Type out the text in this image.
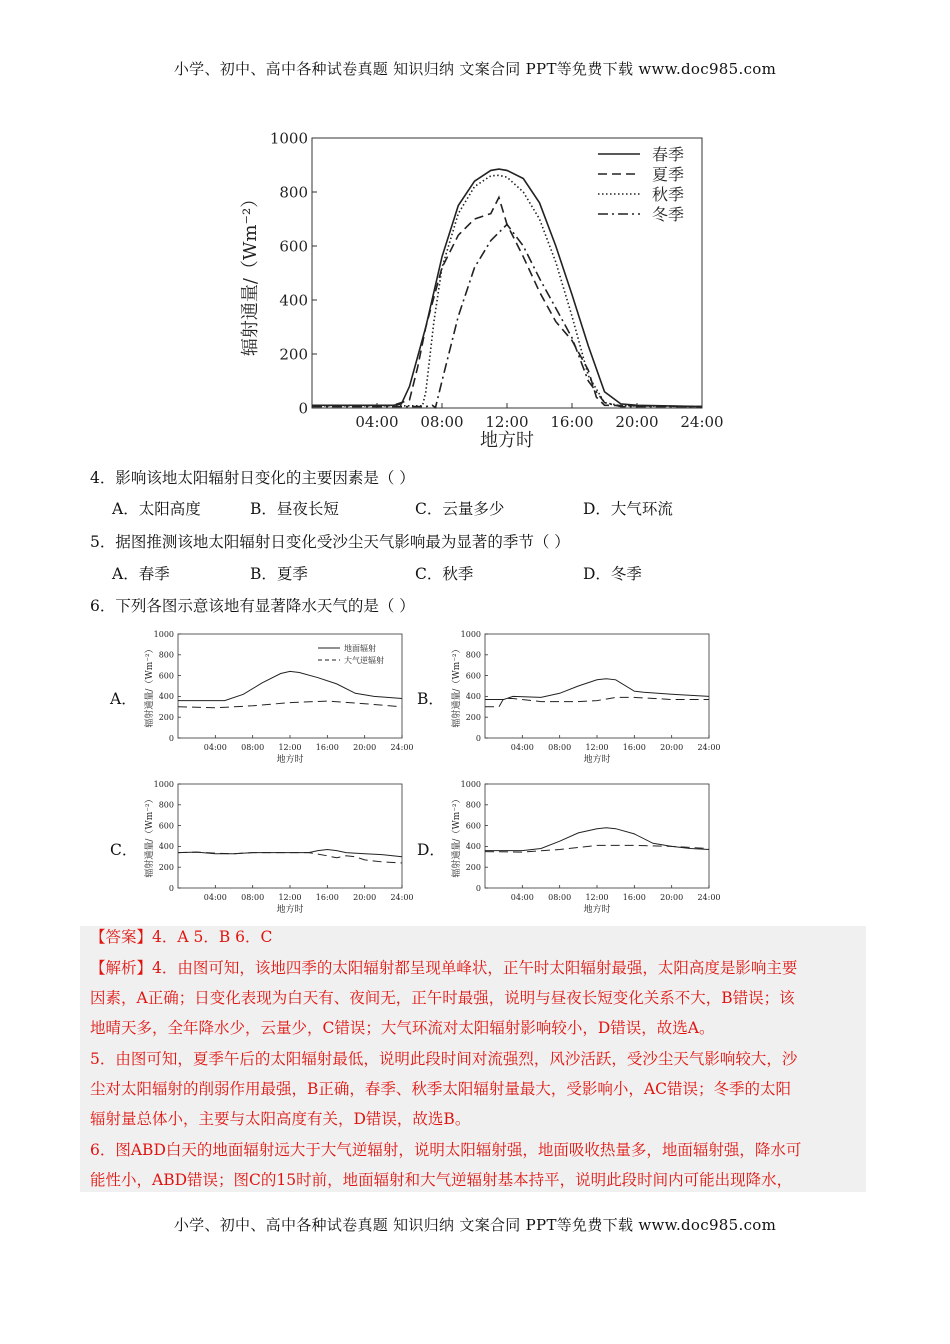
小学、初中、高中各种试卷真题 知识归纳 文案合同 PPT等免费下载 www.doc985.com
0
200
400
600
800
1000
04:00 08:00 12:00 16:00 20:00 24:00
地方时
辐射通量/（Wm⁻²）
春季
夏季
秋季
冬季
4．影响该地太阳辐射日变化的主要因素是（ ）
A．太阳高度	B．昼夜长短	C．云量多少	D．大气环流
5．据图推测该地太阳辐射日变化受沙尘天气影响最为显著的季节（ ）
A．春季	B．夏季	C．秋季	D．冬季
6．下列各图示意该地有显著降水天气的是（ ）
A．	B．
C．	D．
0
200
400
600
800
1000
04:00 08:00 12:00 16:00 20:00 24:00
地方时
辐射通量/（Wm⁻²）	地面辐射
大气逆辐射
0
200
400
600
800
1000
04:00 08:00 12:00 16:00 20:00 24:00
地方时
辐射通量/（Wm⁻²）
0
200
400
600
800
1000
04:00 08:00 12:00 16:00 20:00 24:00
地方时
辐射通量/（Wm⁻²）
0
200
400
600
800
1000
04:00 08:00 12:00 16:00 20:00 24:00
地方时
辐射通量/（Wm⁻²）
【答案】4．A 5．B 6．C
【解析】4．由图可知，该地四季的太阳辐射都呈现单峰状，正午时太阳辐射最强，太阳高度是影响主要
因素，A正确；日变化表现为白天有、夜间无，正午时最强，说明与昼夜长短变化关系不大，B错误；该
地晴天多，全年降水少，云量少，C错误；大气环流对太阳辐射影响较小，D错误，故选A。
5．由图可知，夏季午后的太阳辐射最低，说明此段时间对流强烈，风沙活跃，受沙尘天气影响较大，沙
尘对太阳辐射的削弱作用最强，B正确，春季、秋季太阳辐射量最大，受影响小，AC错误；冬季的太阳
辐射量总体小，主要与太阳高度有关，D错误，故选B。
6．图ABD白天的地面辐射远大于大气逆辐射，说明太阳辐射强，地面吸收热量多，地面辐射强，降水可
能性小，ABD错误；图C的15时前，地面辐射和大气逆辐射基本持平，说明此段时间内可能出现降水，
小学、初中、高中各种试卷真题 知识归纳 文案合同 PPT等免费下载 www.doc985.com
